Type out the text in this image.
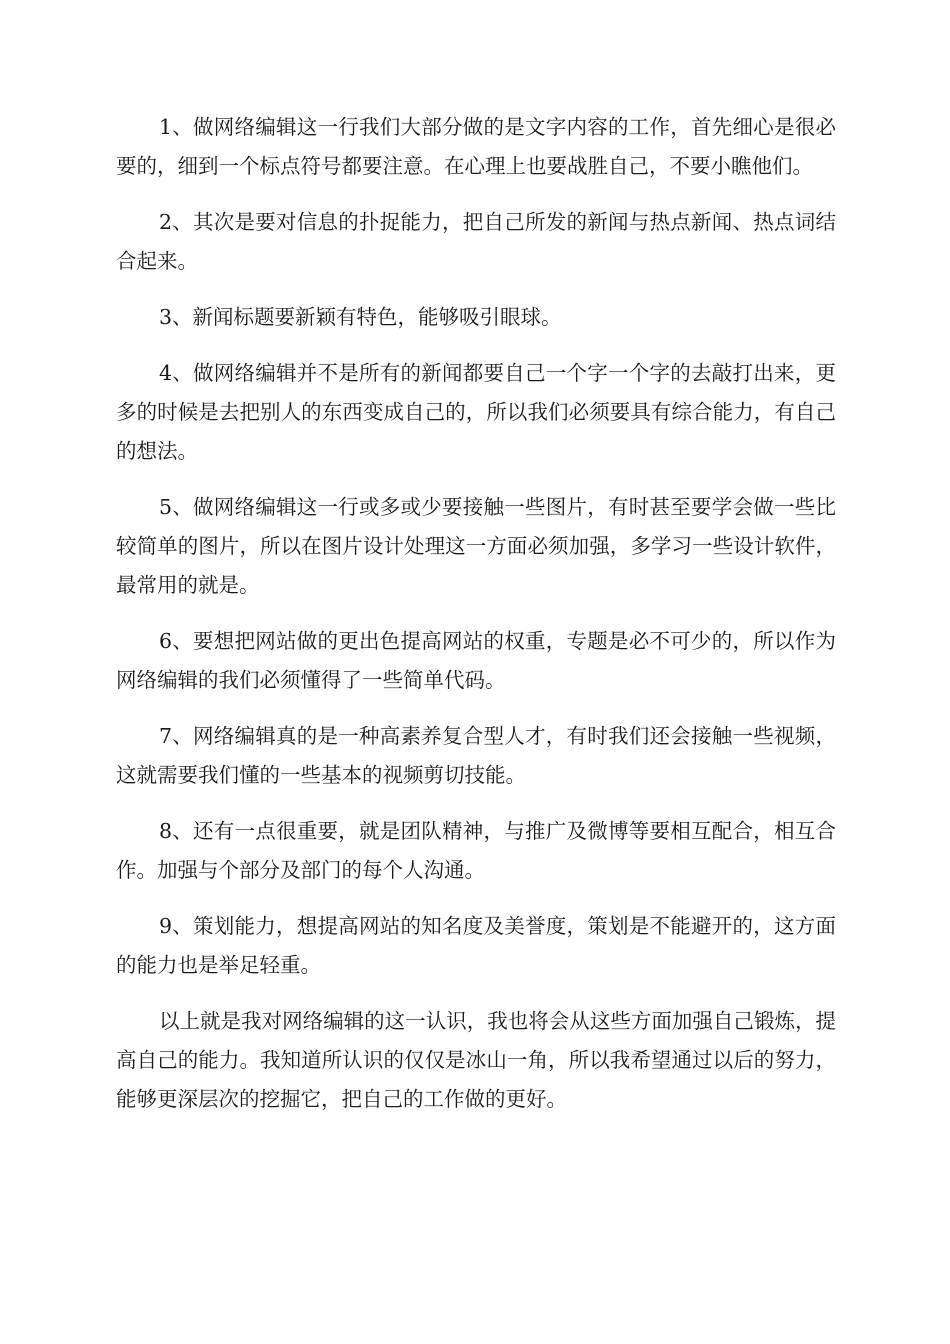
1、做网络编辑这一行我们大部分做的是文字内容的工作，首先细心是很必要的，细到一个标点符号都要注意。在心理上也要战胜自己，不要小瞧他们。

2、其次是要对信息的扑捉能力，把自己所发的新闻与热点新闻、热点词结合起来。

3、新闻标题要新颖有特色，能够吸引眼球。

4、做网络编辑并不是所有的新闻都要自己一个字一个字的去敲打出来，更多的时候是去把别人的东西变成自己的，所以我们必须要具有综合能力，有自己的想法。

5、做网络编辑这一行或多或少要接触一些图片，有时甚至要学会做一些比较简单的图片，所以在图片设计处理这一方面必须加强，多学习一些设计软件，最常用的就是。

6、要想把网站做的更出色提高网站的权重，专题是必不可少的，所以作为网络编辑的我们必须懂得了一些简单代码。

7、网络编辑真的是一种高素养复合型人才，有时我们还会接触一些视频，这就需要我们懂的一些基本的视频剪切技能。

8、还有一点很重要，就是团队精神，与推广及微博等要相互配合，相互合作。加强与个部分及部门的每个人沟通。

9、策划能力，想提高网站的知名度及美誉度，策划是不能避开的，这方面的能力也是举足轻重。

以上就是我对网络编辑的这一认识，我也将会从这些方面加强自己锻炼，提高自己的能力。我知道所认识的仅仅是冰山一角，所以我希望通过以后的努力，能够更深层次的挖掘它，把自己的工作做的更好。
